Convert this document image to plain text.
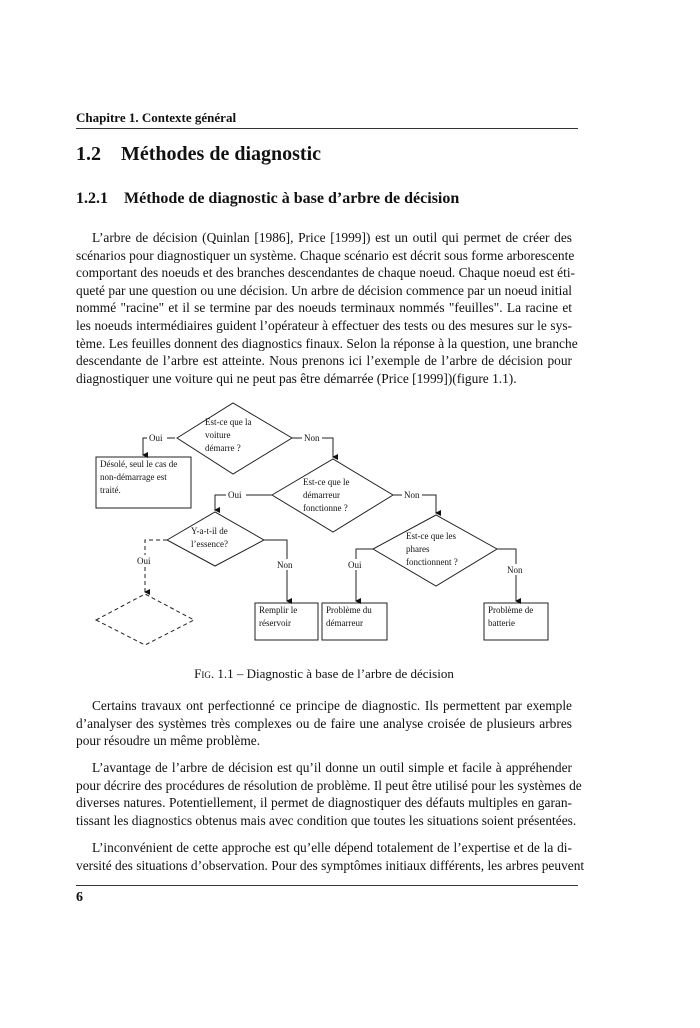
Chapitre 1. Contexte général
1.2    Méthodes de diagnostic
1.2.1    Méthode de diagnostic à base d’arbre de décision
L’arbre de décision (Quinlan [1986], Price [1999]) est un outil qui permet de créer des
scénarios pour diagnostiquer un système. Chaque scénario est décrit sous forme arborescente
comportant des noeuds et des branches descendantes de chaque noeud. Chaque noeud est éti-
queté par une question ou une décision. Un arbre de décision commence par un noeud initial
nommé "racine" et il se termine par des noeuds terminaux nommés "feuilles". La racine et
les noeuds intermédiaires guident l’opérateur à effectuer des tests ou des mesures sur le sys-
tème. Les feuilles donnent des diagnostics finaux. Selon la réponse à la question, une branche
descendante de l’arbre est atteinte. Nous prenons ici l’exemple de l’arbre de décision pour
diagnostiquer une voiture qui ne peut pas être démarrée (Price [1999])(figure 1.1).
Est-ce que la
voiture
démarre ?
Est-ce que le
démarreur
fonctionne ?
Y-a-t-il de
l’essence?
Est-ce que les
phares
fonctionnent ?
Désolé, seul le cas de
non-démarrage est
traité.
Remplir le
réservoir
Problème du
démarreur
Problème de
batterie
Oui	Non
Oui	Non
Oui	Non	Oui	Non
Fig. 1.1 – Diagnostic à base de l’arbre de décision
Certains travaux ont perfectionné ce principe de diagnostic. Ils permettent par exemple
d’analyser des systèmes très complexes ou de faire une analyse croisée de plusieurs arbres
pour résoudre un même problème.
L’avantage de l’arbre de décision est qu’il donne un outil simple et facile à appréhender
pour décrire des procédures de résolution de problème. Il peut être utilisé pour les systèmes de
diverses natures. Potentiellement, il permet de diagnostiquer des défauts multiples en garan-
tissant les diagnostics obtenus mais avec condition que toutes les situations soient présentées.
L’inconvénient de cette approche est qu’elle dépend totalement de l’expertise et de la di-
versité des situations d’observation. Pour des symptômes initiaux différents, les arbres peuvent
6
